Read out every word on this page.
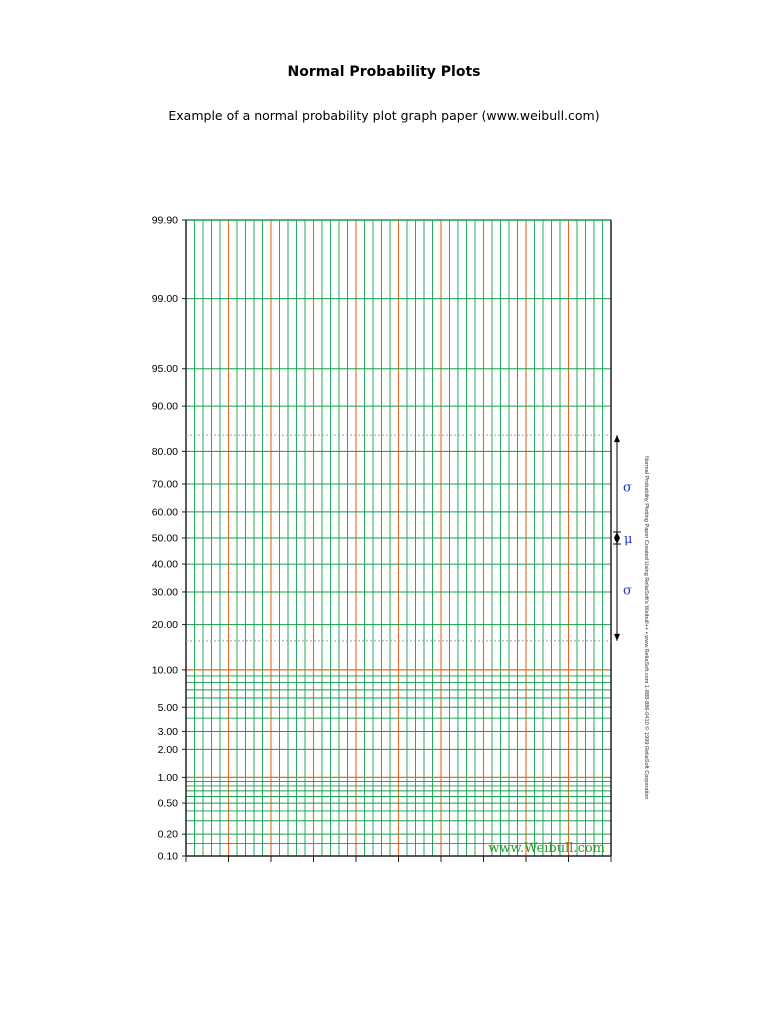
Normal Probability Plots
Example of a normal probability plot graph paper (www.weibull.com)
99.90
99.00
95.00
90.00
80.00
70.00
60.00
50.00
40.00
30.00
20.00
10.00
5.00
3.00
2.00
1.00
0.50
0.20
0.10
σ
μ
σ Normal Probability Plotting Paper Created Using ReliaSoft's Weibull++ • www.ReliaSoft.com 1-888-886-0410 © 1999 ReliaSoft Corporation
www.Weibull.com
